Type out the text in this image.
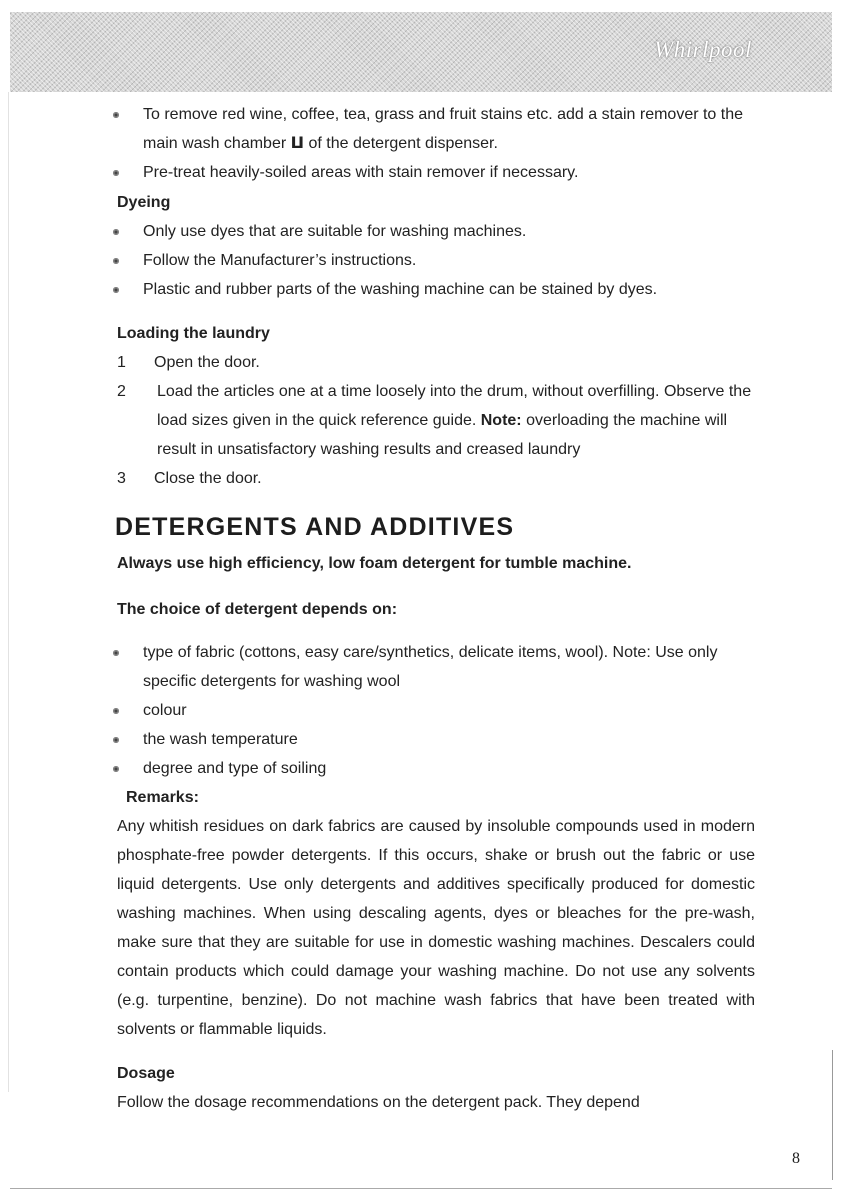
Whirlpool
To remove red wine, coffee, tea, grass and fruit stains etc. add a stain remover to the main wash chamber ⵡ of the detergent dispenser.
Pre-treat heavily-soiled areas with stain remover if necessary.

Dyeing

Only use dyes that are suitable for washing machines.
Follow the Manufacturer’s instructions.
Plastic and rubber parts of the washing machine can be stained by dyes.

Loading the laundry

1	Open the door.
2	Load the articles one at a time loosely into the drum, without overfilling. Observe the load sizes given in the quick reference guide. Note: overloading the machine will result in unsatisfactory washing results and creased laundry
3	Close the door.

DETERGENTS AND ADDITIVES

Always use high efficiency, low foam detergent for tumble machine.

The choice of detergent depends on:

type of fabric (cottons, easy care/synthetics, delicate items, wool). Note: Use only specific detergents for washing wool
colour
the wash temperature
degree and type of soiling

Remarks:

Any whitish residues on dark fabrics are caused by insoluble compounds used in modern phosphate-free powder detergents. If this occurs, shake or brush out the fabric or use liquid detergents. Use only detergents and additives specifically produced for domestic washing machines. When using descaling agents, dyes or bleaches for the pre-wash, make sure that they are suitable for use in domestic washing machines. Descalers could contain products which could damage your washing machine. Do not use any solvents (e.g. turpentine, benzine). Do not machine wash fabrics that have been treated with solvents or flammable liquids.

Dosage

Follow the dosage recommendations on the detergent pack. They depend

8
